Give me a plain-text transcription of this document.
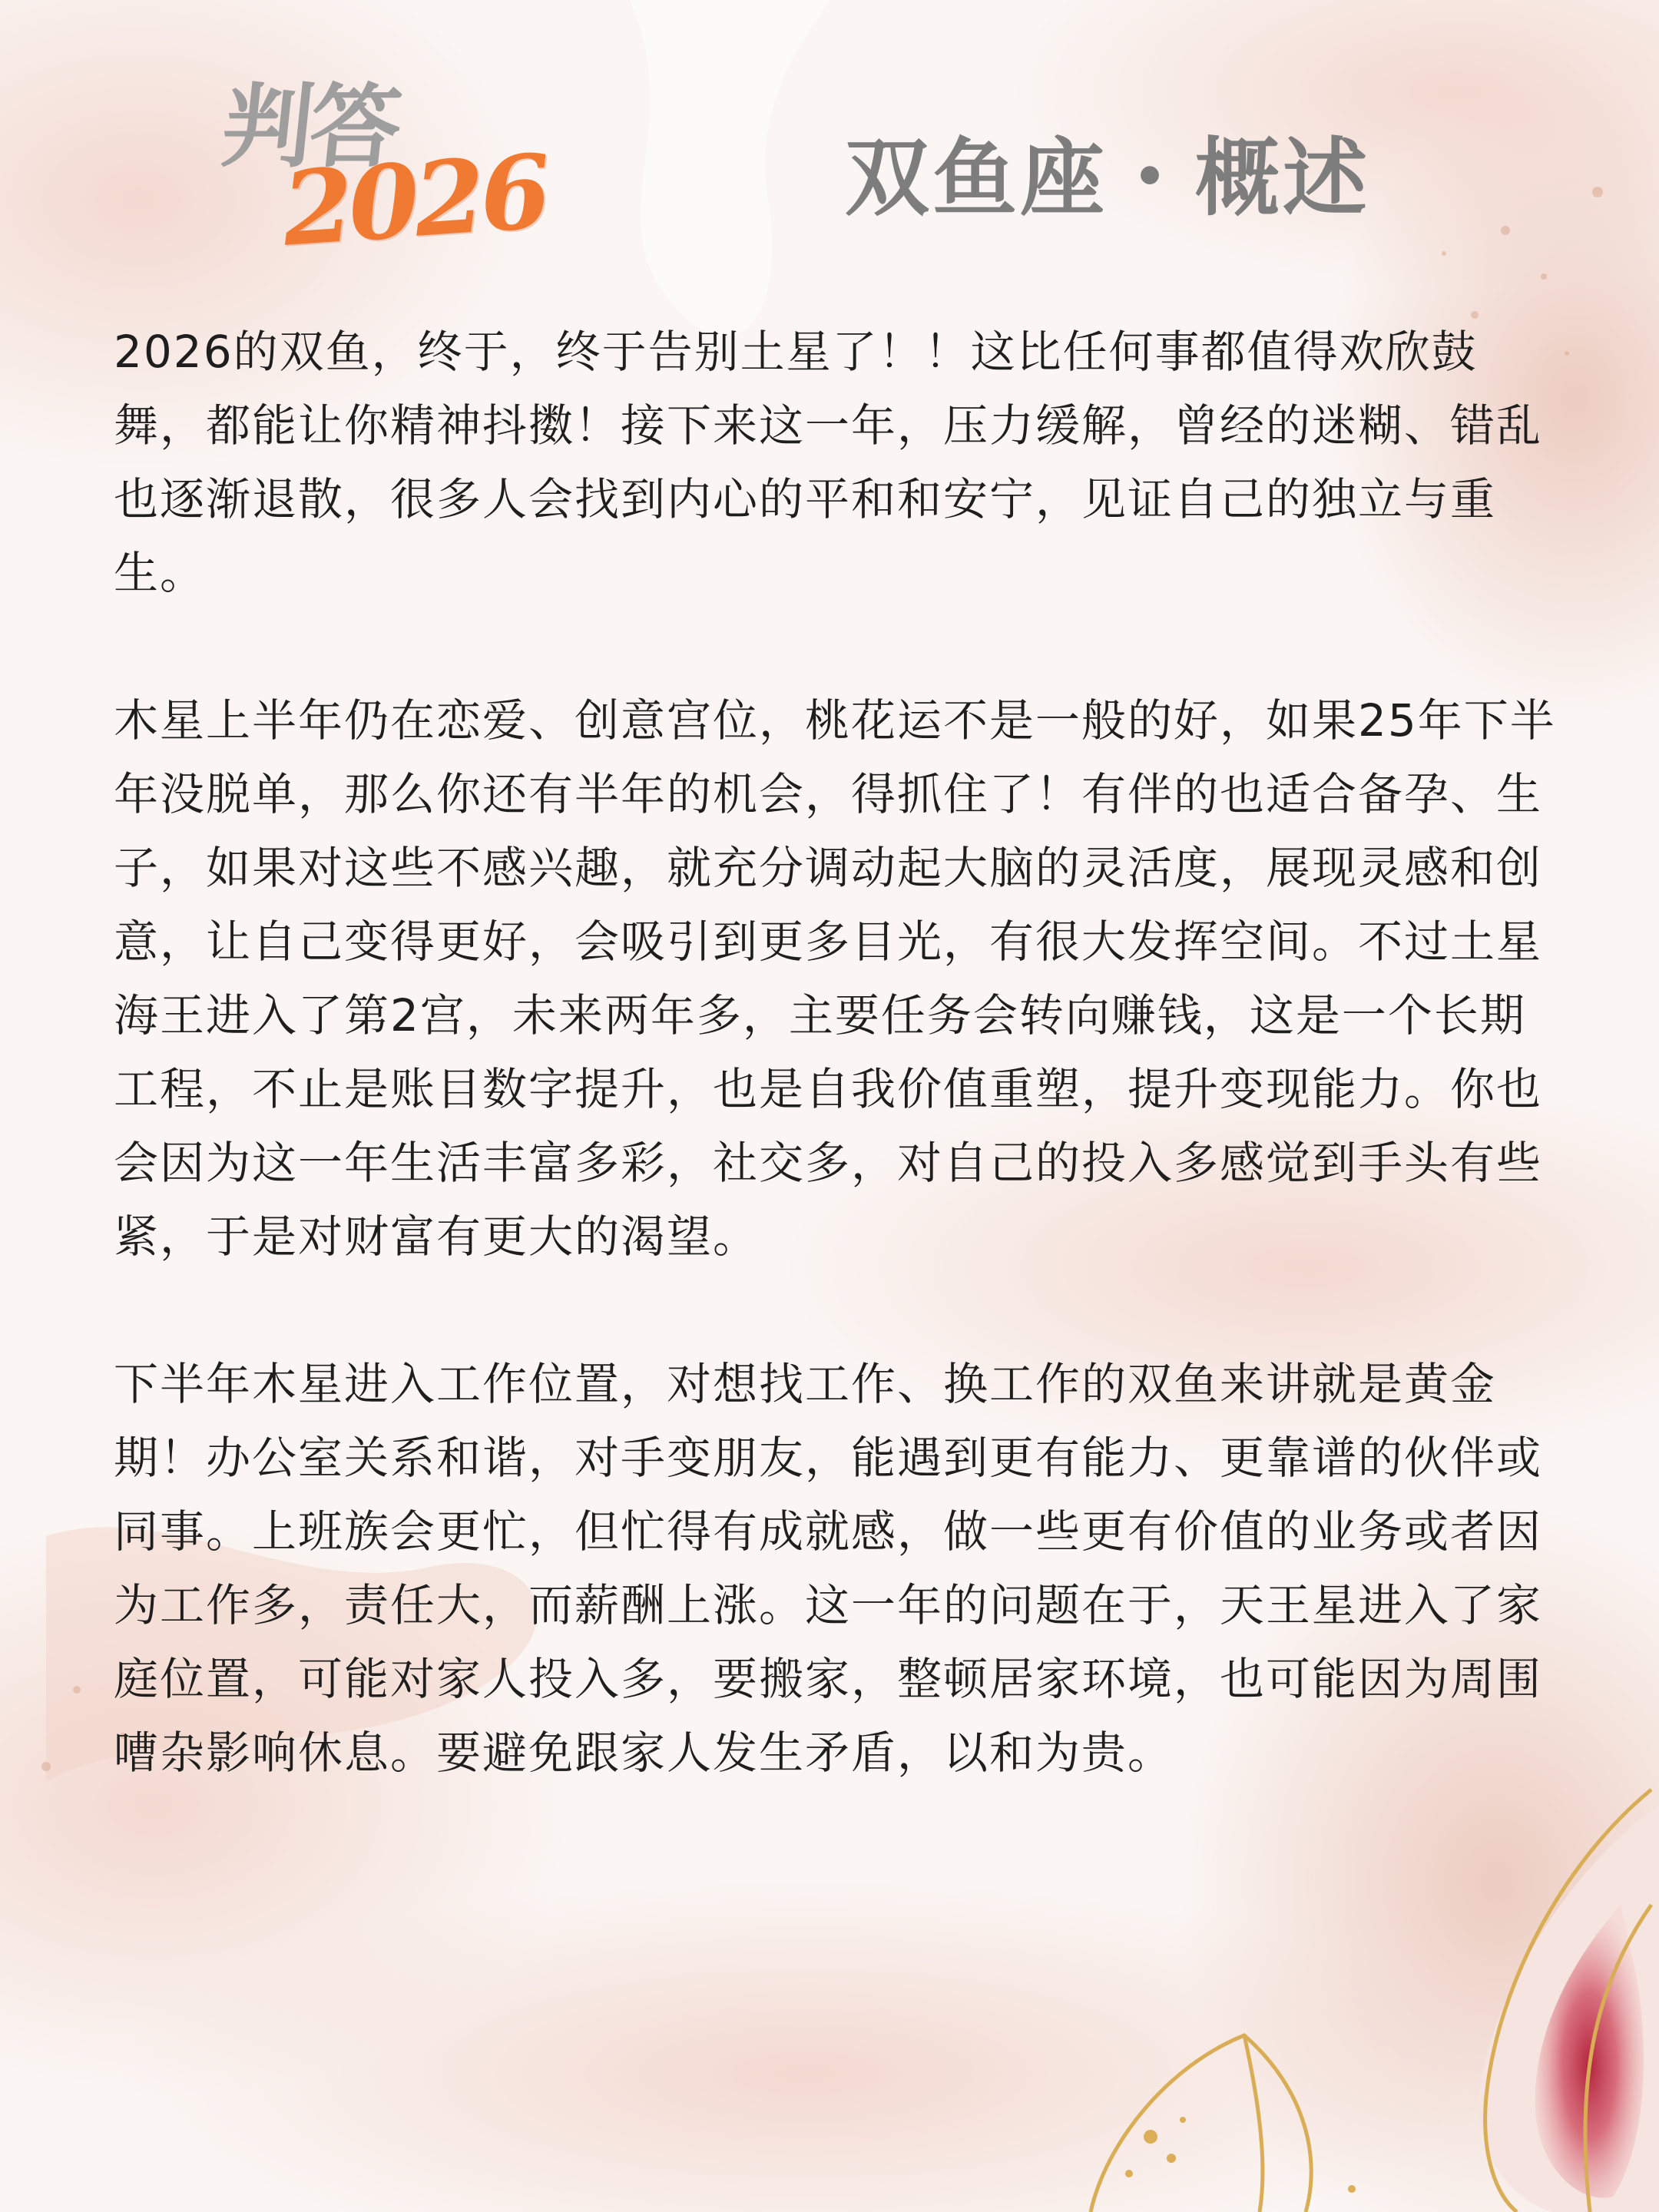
判答
2026	双鱼座・概述

2026的双鱼，终于，终于告别土星了！！这比任何事都值得欢欣鼓舞，都能让你精神抖擞！接下来这一年，压力缓解，曾经的迷糊、错乱也逐渐退散，很多人会找到内心的平和和安宁，见证自己的独立与重生。

木星上半年仍在恋爱、创意宫位，桃花运不是一般的好，如果25年下半年没脱单，那么你还有半年的机会，得抓住了！有伴的也适合备孕、生子，如果对这些不感兴趣，就充分调动起大脑的灵活度，展现灵感和创意，让自己变得更好，会吸引到更多目光，有很大发挥空间。不过土星海王进入了第2宫，未来两年多，主要任务会转向赚钱，这是一个长期工程，不止是账目数字提升，也是自我价值重塑，提升变现能力。你也会因为这一年生活丰富多彩，社交多，对自己的投入多感觉到手头有些紧，于是对财富有更大的渴望。

下半年木星进入工作位置，对想找工作、换工作的双鱼来讲就是黄金期！办公室关系和谐，对手变朋友，能遇到更有能力、更靠谱的伙伴或同事。上班族会更忙，但忙得有成就感，做一些更有价值的业务或者因为工作多，责任大，而薪酬上涨。这一年的问题在于，天王星进入了家庭位置，可能对家人投入多，要搬家，整顿居家环境，也可能因为周围嘈杂影响休息。要避免跟家人发生矛盾，以和为贵。
